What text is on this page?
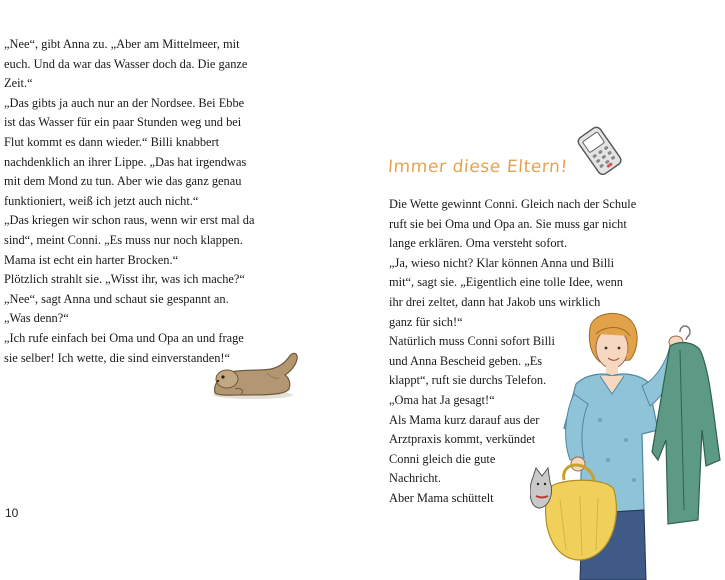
„Nee“, gibt Anna zu. „Aber am Mittelmeer, mit

euch. Und da war das Wasser doch da. Die ganze

Zeit.“

„Das gibts ja auch nur an der Nordsee. Bei Ebbe

ist das Wasser für ein paar Stunden weg und bei

Flut kommt es dann wieder.“ Billi knabbert

nachdenklich an ihrer Lippe. „Das hat irgendwas

mit dem Mond zu tun. Aber wie das ganz genau

funktioniert, weiß ich jetzt auch nicht.“

„Das kriegen wir schon raus, wenn wir erst mal da

sind“, meint Conni. „Es muss nur noch klappen.

Mama ist echt ein harter Brocken.“

Plötzlich strahlt sie. „Wisst ihr, was ich mache?“

„Nee“, sagt Anna und schaut sie gespannt an.

„Was denn?“

„Ich rufe einfach bei Oma und Opa an und frage

sie selber! Ich wette, die sind einverstanden!“

10
Immer diese Eltern!

Die Wette gewinnt Conni. Gleich nach der Schule

ruft sie bei Oma und Opa an. Sie muss gar nicht

lange erklären. Oma versteht sofort.

„Ja, wieso nicht? Klar können Anna und Billi

mit“, sagt sie. „Eigentlich eine tolle Idee, wenn

ihr drei zeltet, dann hat Jakob uns wirklich

ganz für sich!“

Natürlich muss Conni sofort Billi

und Anna Bescheid geben. „Es

klappt“, ruft sie durchs Telefon.

„Oma hat Ja gesagt!“

Als Mama kurz darauf aus der

Arztpraxis kommt, verkündet

Conni gleich die gute

Nachricht.

Aber Mama schüttelt
